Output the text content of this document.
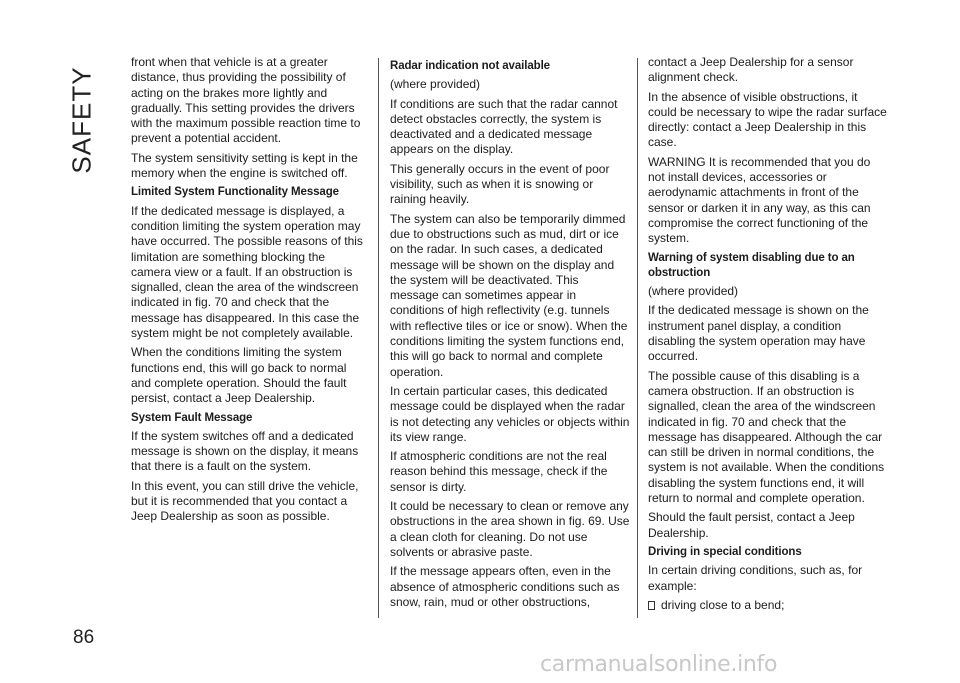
SAFETY

front when that vehicle is at a greater distance, thus providing the possibility of acting on the brakes more lightly and gradually. This setting provides the drivers with the maximum possible reaction time to prevent a potential accident.

The system sensitivity setting is kept in the memory when the engine is switched off.

Limited System Functionality Message

If the dedicated message is displayed, a condition limiting the system operation may have occurred. The possible reasons of this limitation are something blocking the camera view or a fault. If an obstruction is signalled, clean the area of the windscreen indicated in fig. 70 and check that the message has disappeared. In this case the system might be not completely available.

When the conditions limiting the system functions end, this will go back to normal and complete operation. Should the fault persist, contact a Jeep Dealership.

System Fault Message

If the system switches off and a dedicated message is shown on the display, it means that there is a fault on the system.

In this event, you can still drive the vehicle, but it is recommended that you contact a Jeep Dealership as soon as possible.

Radar indication not available

(where provided)

If conditions are such that the radar cannot detect obstacles correctly, the system is deactivated and a dedicated message appears on the display.

This generally occurs in the event of poor visibility, such as when it is snowing or raining heavily.

The system can also be temporarily dimmed due to obstructions such as mud, dirt or ice on the radar. In such cases, a dedicated message will be shown on the display and the system will be deactivated. This message can sometimes appear in conditions of high reflectivity (e.g. tunnels with reflective tiles or ice or snow). When the conditions limiting the system functions end, this will go back to normal and complete operation.

In certain particular cases, this dedicated message could be displayed when the radar is not detecting any vehicles or objects within its view range.

If atmospheric conditions are not the real reason behind this message, check if the sensor is dirty.

It could be necessary to clean or remove any obstructions in the area shown in fig. 69. Use a clean cloth for cleaning. Do not use solvents or abrasive paste.

If the message appears often, even in the absence of atmospheric conditions such as snow, rain, mud or other obstructions,

contact a Jeep Dealership for a sensor alignment check.

In the absence of visible obstructions, it could be necessary to wipe the radar surface directly: contact a Jeep Dealership in this case.

WARNING It is recommended that you do not install devices, accessories or aerodynamic attachments in front of the sensor or darken it in any way, as this can compromise the correct functioning of the system.

Warning of system disabling due to an obstruction

(where provided)

If the dedicated message is shown on the instrument panel display, a condition disabling the system operation may have occurred.

The possible cause of this disabling is a camera obstruction. If an obstruction is signalled, clean the area of the windscreen indicated in fig. 70 and check that the message has disappeared. Although the car can still be driven in normal conditions, the system is not available. When the conditions disabling the system functions end, it will return to normal and complete operation.

Should the fault persist, contact a Jeep Dealership.

Driving in special conditions

In certain driving conditions, such as, for example:

driving close to a bend;
86
carmanualsonline.info
